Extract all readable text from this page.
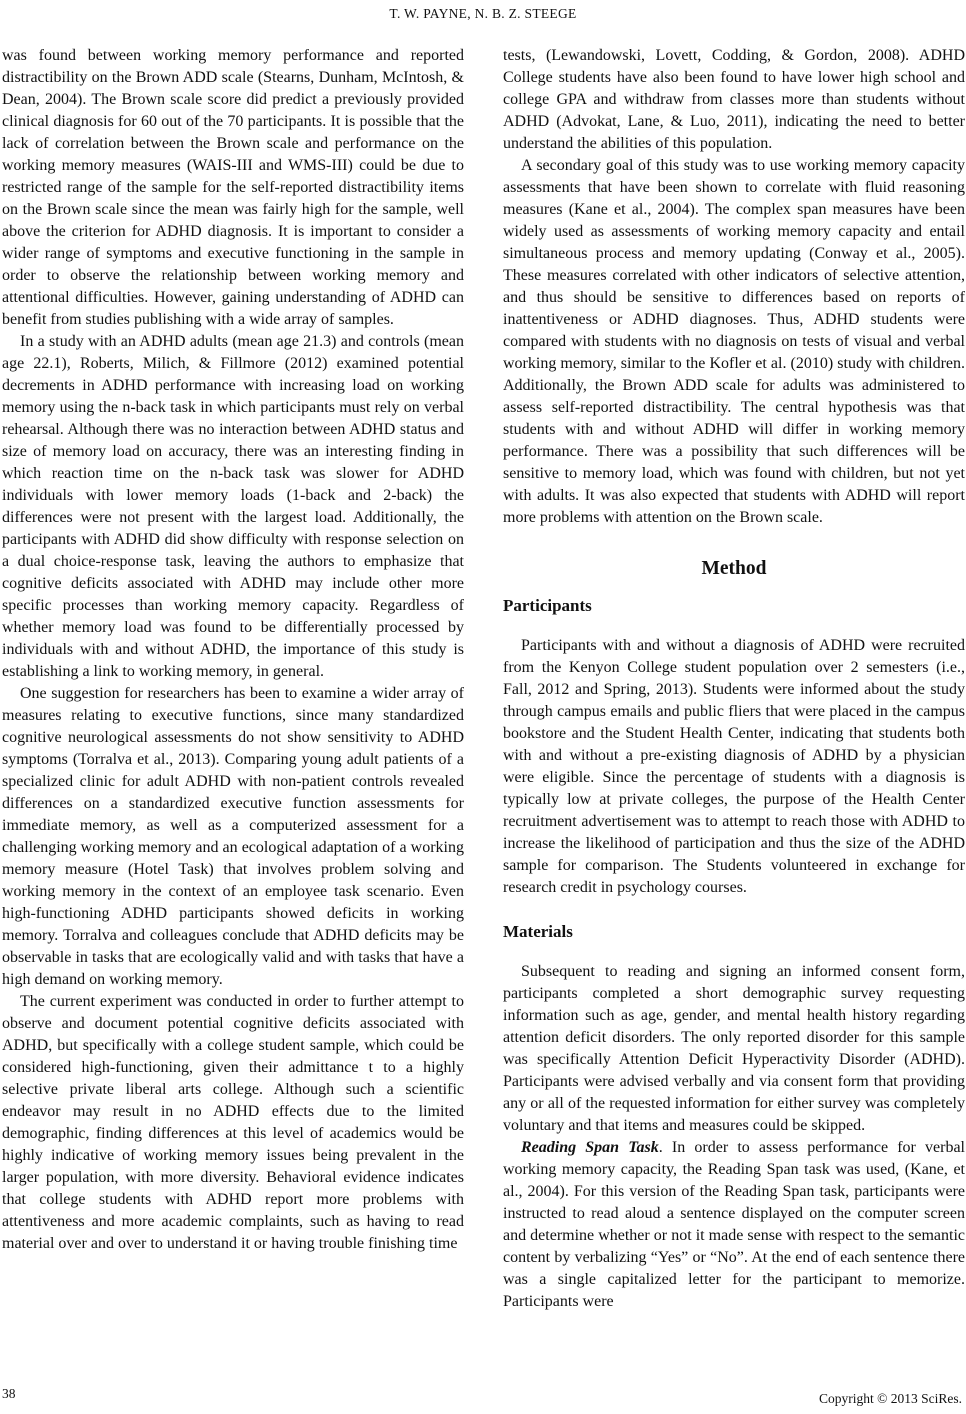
T. W. PAYNE, N. B. Z. STEEGE

was found between working memory performance and reported distractibility on the Brown ADD scale (Stearns, Dunham, McIntosh, & Dean, 2004). The Brown scale score did predict a previously provided clinical diagnosis for 60 out of the 70 participants. It is possible that the lack of correlation between the Brown scale and performance on the working memory measures (WAIS-III and WMS-III) could be due to restricted range of the sample for the self-reported distractibility items on the Brown scale since the mean was fairly high for the sample, well above the criterion for ADHD diagnosis. It is important to consider a wider range of symptoms and executive functioning in the sample in order to observe the relationship between working memory and attentional difficulties. However, gaining understanding of ADHD can benefit from studies publishing with a wide array of samples.

In a study with an ADHD adults (mean age 21.3) and controls (mean age 22.1), Roberts, Milich, & Fillmore (2012) examined potential decrements in ADHD performance with increasing load on working memory using the n-back task in which participants must rely on verbal rehearsal. Although there was no interaction between ADHD status and size of memory load on accuracy, there was an interesting finding in which reaction time on the n-back task was slower for ADHD individuals with lower memory loads (1-back and 2-back) the differences were not present with the largest load. Additionally, the participants with ADHD did show difficulty with response selection on a dual choice-response task, leaving the authors to emphasize that cognitive deficits associated with ADHD may include other more specific processes than working memory capacity. Regardless of whether memory load was found to be differentially processed by individuals with and without ADHD, the importance of this study is establishing a link to working memory, in general.

One suggestion for researchers has been to examine a wider array of measures relating to executive functions, since many standardized cognitive neurological assessments do not show sensitivity to ADHD symptoms (Torralva et al., 2013). Comparing young adult patients of a specialized clinic for adult ADHD with non-patient controls revealed differences on a standardized executive function assessments for immediate memory, as well as a computerized assessment for a challenging working memory and an ecological adaptation of a working memory measure (Hotel Task) that involves problem solving and working memory in the context of an employee task scenario. Even high-functioning ADHD participants showed deficits in working memory. Torralva and colleagues conclude that ADHD deficits may be observable in tasks that are ecologically valid and with tasks that have a high demand on working memory.

The current experiment was conducted in order to further attempt to observe and document potential cognitive deficits associated with ADHD, but specifically with a college student sample, which could be considered high-functioning, given their admittance t to a highly selective private liberal arts college. Although such a scientific endeavor may result in no ADHD effects due to the limited demographic, finding differences at this level of academics would be highly indicative of working memory issues being prevalent in the larger population, with more diversity. Behavioral evidence indicates that college students with ADHD report more problems with attentiveness and more academic complaints, such as having to read material over and over to understand it or having trouble finishing time

tests, (Lewandowski, Lovett, Codding, & Gordon, 2008). ADHD College students have also been found to have lower high school and college GPA and withdraw from classes more than students without ADHD (Advokat, Lane, & Luo, 2011), indicating the need to better understand the abilities of this population.

A secondary goal of this study was to use working memory capacity assessments that have been shown to correlate with fluid reasoning measures (Kane et al., 2004). The complex span measures have been widely used as assessments of working memory capacity and entail simultaneous process and memory updating (Conway et al., 2005). These measures correlated with other indicators of selective attention, and thus should be sensitive to differences based on reports of inattentiveness or ADHD diagnoses. Thus, ADHD students were compared with students with no diagnosis on tests of visual and verbal working memory, similar to the Kofler et al. (2010) study with children. Additionally, the Brown ADD scale for adults was administered to assess self-reported distractibility. The central hypothesis was that students with and without ADHD will differ in working memory performance. There was a possibility that such differences will be sensitive to memory load, which was found with children, but not yet with adults. It was also expected that students with ADHD will report more problems with attention on the Brown scale.

Method
Participants

Participants with and without a diagnosis of ADHD were recruited from the Kenyon College student population over 2 semesters (i.e., Fall, 2012 and Spring, 2013). Students were informed about the study through campus emails and public fliers that were placed in the campus bookstore and the Student Health Center, indicating that students both with and without a pre-existing diagnosis of ADHD by a physician were eligible. Since the percentage of students with a diagnosis is typically low at private colleges, the purpose of the Health Center recruitment advertisement was to attempt to reach those with ADHD to increase the likelihood of participation and thus the size of the ADHD sample for comparison. The Students volunteered in exchange for research credit in psychology courses.

Materials

Subsequent to reading and signing an informed consent form, participants completed a short demographic survey requesting information such as age, gender, and mental health history regarding attention deficit disorders. The only reported disorder for this sample was specifically Attention Deficit Hyperactivity Disorder (ADHD). Participants were advised verbally and via consent form that providing any or all of the requested information for either survey was completely voluntary and that items and measures could be skipped.

Reading Span Task. In order to assess performance for verbal working memory capacity, the Reading Span task was used, (Kane, et al., 2004). For this version of the Reading Span task, participants were instructed to read aloud a sentence displayed on the computer screen and determine whether or not it made sense with respect to the semantic content by verbalizing “Yes” or “No”. At the end of each sentence there was a single capitalized letter for the participant to memorize. Participants were

38	Copyright © 2013 SciRes.
